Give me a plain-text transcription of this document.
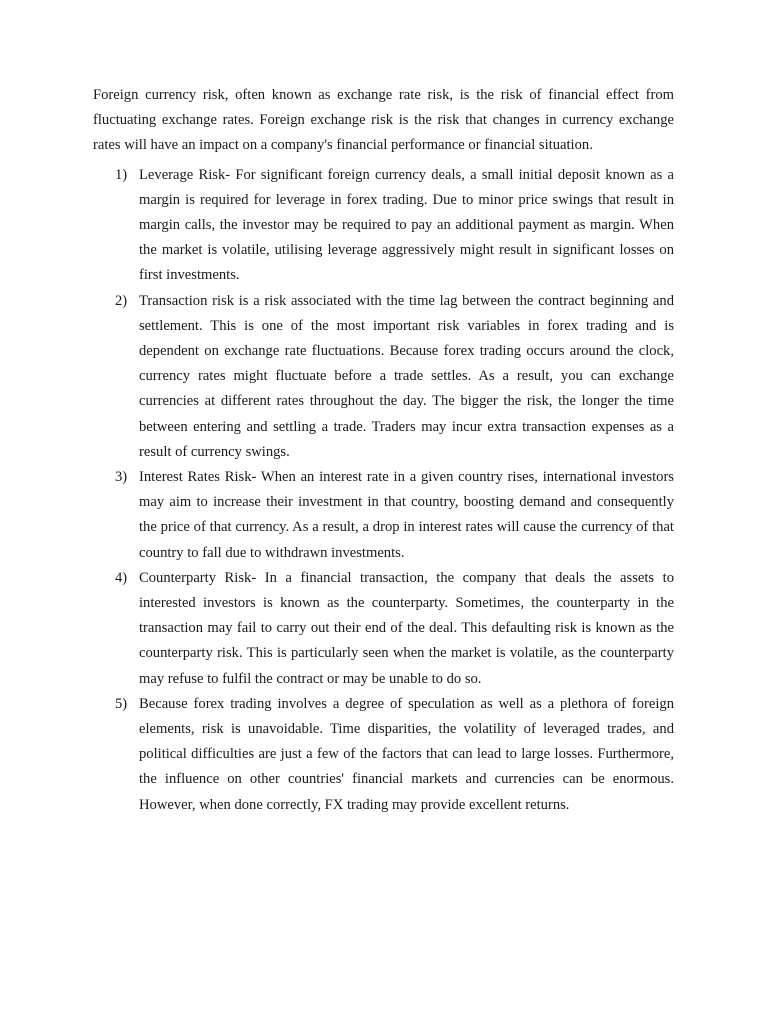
Foreign currency risk, often known as exchange rate risk, is the risk of financial effect from fluctuating exchange rates. Foreign exchange risk is the risk that changes in currency exchange rates will have an impact on a company's financial performance or financial situation.

1) Leverage Risk- For significant foreign currency deals, a small initial deposit known as a margin is required for leverage in forex trading. Due to minor price swings that result in margin calls, the investor may be required to pay an additional payment as margin. When the market is volatile, utilising leverage aggressively might result in significant losses on first investments.
2) Transaction risk is a risk associated with the time lag between the contract beginning and settlement. This is one of the most important risk variables in forex trading and is dependent on exchange rate fluctuations. Because forex trading occurs around the clock, currency rates might fluctuate before a trade settles. As a result, you can exchange currencies at different rates throughout the day. The bigger the risk, the longer the time between entering and settling a trade. Traders may incur extra transaction expenses as a result of currency swings.
3) Interest Rates Risk- When an interest rate in a given country rises, international investors may aim to increase their investment in that country, boosting demand and consequently the price of that currency. As a result, a drop in interest rates will cause the currency of that country to fall due to withdrawn investments.
4) Counterparty Risk- In a financial transaction, the company that deals the assets to interested investors is known as the counterparty. Sometimes, the counterparty in the transaction may fail to carry out their end of the deal. This defaulting risk is known as the counterparty risk. This is particularly seen when the market is volatile, as the counterparty may refuse to fulfil the contract or may be unable to do so.
5) Because forex trading involves a degree of speculation as well as a plethora of foreign elements, risk is unavoidable. Time disparities, the volatility of leveraged trades, and political difficulties are just a few of the factors that can lead to large losses. Furthermore, the influence on other countries' financial markets and currencies can be enormous. However, when done correctly, FX trading may provide excellent returns.
